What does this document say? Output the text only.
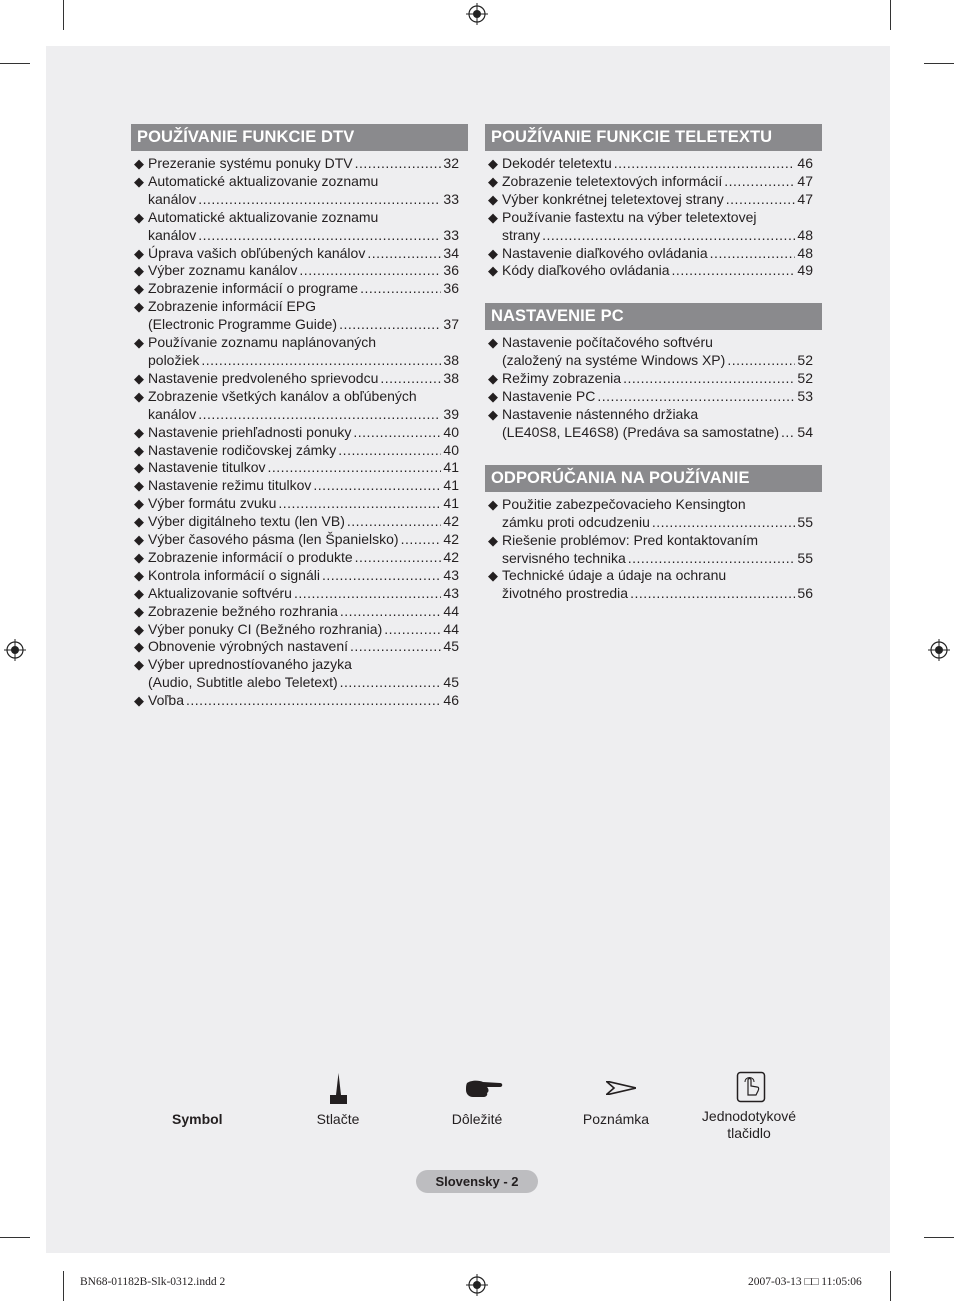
POUŽÍVANIE FUNKCIE DTV
◆ Prezeranie systému ponuky DTV .....	32
◆ Automatické aktualizovanie zoznamu
kanálov .....	33
◆ Automatické aktualizovanie zoznamu
kanálov .....	33
◆ Úprava vašich obľúbených kanálov .....	34
◆ Výber zoznamu kanálov .....	36
◆ Zobrazenie informácií o programe .....	36
◆ Zobrazenie informácií EPG
(Electronic Programme Guide) .....	37
◆ Používanie zoznamu naplánovaných
položiek .....	38
◆ Nastavenie predvoleného sprievodcu .....	38
◆ Zobrazenie všetkých kanálov a obľúbených
kanálov .....	39
◆ Nastavenie priehľadnosti ponuky .....	40
◆ Nastavenie rodičovskej zámky .....	40
◆ Nastavenie titulkov .....	41
◆ Nastavenie režimu titulkov .....	41
◆ Výber formátu zvuku .....	41
◆ Výber digitálneho textu (len VB) .....	42
◆ Výber časového pásma (len Španielsko) .....	42
◆ Zobrazenie informácií o produkte .....	42
◆ Kontrola informácií o signáli .....	43
◆ Aktualizovanie softvéru .....	43
◆ Zobrazenie bežného rozhrania .....	44
◆ Výber ponuky CI (Bežného rozhrania) .....	44
◆ Obnovenie výrobných nastavení .....	45
◆ Výber uprednostíovaného jazyka
(Audio, Subtitle alebo Teletext) .....	45
◆ Voľba .....	46
POUŽÍVANIE FUNKCIE TELETEXTU
◆ Dekodér teletextu .....	46
◆ Zobrazenie teletextových informácií .....	47
◆ Výber konkrétnej teletextovej strany .....	47
◆ Používanie fastextu na výber teletextovej
strany .....	48
◆ Nastavenie diaľkového ovládania .....	48
◆ Kódy diaľkového ovládania .....	49
NASTAVENIE PC
◆ Nastavenie počítačového softvéru
(založený na systéme Windows XP) .....	52
◆ Režimy zobrazenia .....	52
◆ Nastavenie PC .....	53
◆ Nastavenie nástenného držiaka
(LE40S8, LE46S8) (Predáva sa samostatne) ..... 54
ODPORÚČANIA NA POUŽÍVANIE
◆ Použitie zabezpečovacieho Kensington
zámku proti odcudzeniu .....	55
◆ Riešenie problémov: Pred kontaktovaním
servisného technika .....	55
◆ Technické údaje a údaje na ochranu
životného prostredia .....	56
Symbol	Stlačte	Dôležité	Poznámka	Jednodotykové tlačidlo
Slovensky - 2
BN68-01182B-Slk-0312.indd 2	2007-03-13 □□ 11:05:06
